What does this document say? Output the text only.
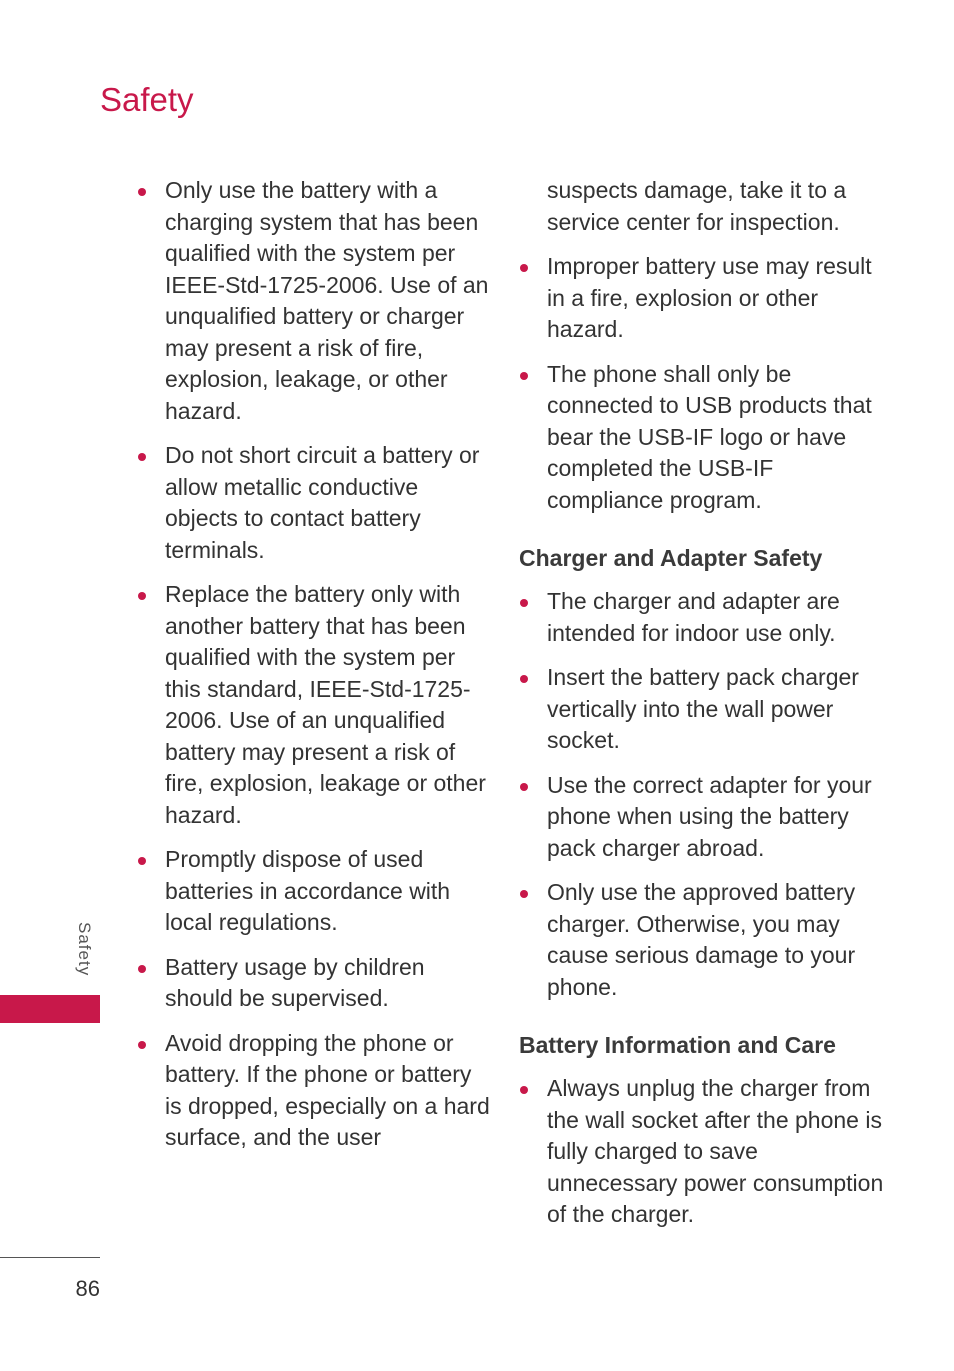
Safety
Only use the battery with a charging system that has been qualified with the system per IEEE-Std-1725-2006. Use of an unqualified battery or charger may present a risk of fire, explosion, leakage, or other hazard.
Do not short circuit a battery or allow metallic conductive objects to contact battery terminals.
Replace the battery only with another battery that has been qualified with the system per this standard, IEEE-Std-1725-2006. Use of an unqualified battery may present a risk of fire, explosion, leakage or other hazard.
Promptly dispose of used batteries in accordance with local regulations.
Battery usage by children should be supervised.
Avoid dropping the phone or battery. If the phone or battery is dropped, especially on a hard surface, and the user
suspects damage, take it to a service center for inspection.
Improper battery use may result in a fire, explosion or other hazard.
The phone shall only be connected to USB products that bear the USB-IF logo or have completed the USB-IF compliance program.
Charger and Adapter Safety
The charger and adapter are intended for indoor use only.
Insert the battery pack charger vertically into the wall power socket.
Use the correct adapter for your phone when using the battery pack charger abroad.
Only use the approved battery charger. Otherwise, you may cause serious damage to your phone.
Battery Information and Care
Always unplug the charger from the wall socket after the phone is fully charged to save unnecessary power consumption of the charger.
Safety
86
